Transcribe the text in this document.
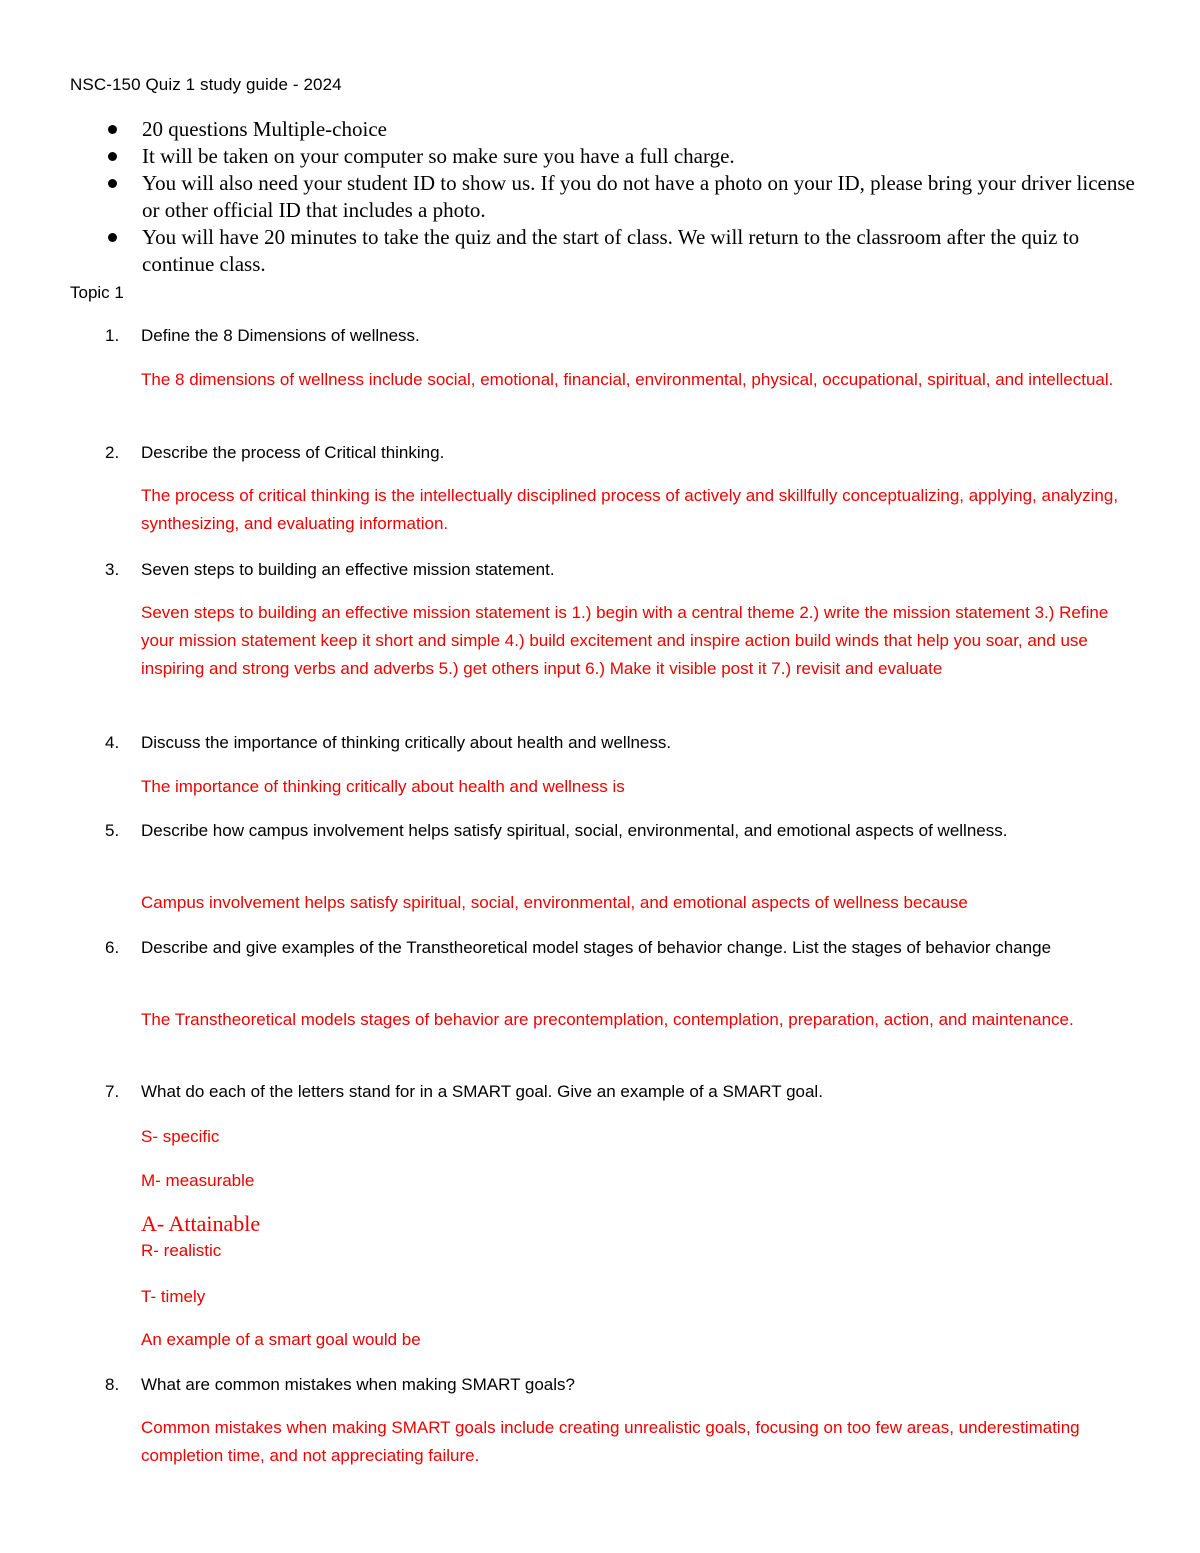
NSC-150 Quiz 1 study guide - 2024
20 questions Multiple-choice
It will be taken on your computer so make sure you have a full charge.
You will also need your student ID to show us. If you do not have a photo on your ID, please bring your driver license or other official ID that includes a photo.
You will have 20 minutes to take the quiz and the start of class. We will return to the classroom after the quiz to continue class.
Topic 1
1.	Define the 8 Dimensions of wellness.
The 8 dimensions of wellness include social, emotional, financial, environmental, physical, occupational, spiritual, and intellectual.
2.	Describe the process of Critical thinking.
The process of critical thinking is the intellectually disciplined process of actively and skillfully conceptualizing, applying, analyzing, synthesizing, and evaluating information.
3.	Seven steps to building an effective mission statement.
Seven steps to building an effective mission statement is 1.) begin with a central theme 2.) write the mission statement 3.) Refine your mission statement keep it short and simple 4.) build excitement and inspire action build winds that help you soar, and use inspiring and strong verbs and adverbs 5.) get others input 6.) Make it visible post it 7.) revisit and evaluate
4.	Discuss the importance of thinking critically about health and wellness.
The importance of thinking critically about health and wellness is
5.	Describe how campus involvement helps satisfy spiritual, social, environmental, and emotional aspects of wellness.
Campus involvement helps satisfy spiritual, social, environmental, and emotional aspects of wellness because
6.	Describe and give examples of the Transtheoretical model stages of behavior change. List the stages of behavior change
The Transtheoretical models stages of behavior are precontemplation, contemplation, preparation, action, and maintenance.
7.	What do each of the letters stand for in a SMART goal. Give an example of a SMART goal.
S- specific
M- measurable
A- Attainable
R- realistic
T- timely
An example of a smart goal would be
8.	What are common mistakes when making SMART goals?
Common mistakes when making SMART goals include creating unrealistic goals, focusing on too few areas, underestimating completion time, and not appreciating failure.
